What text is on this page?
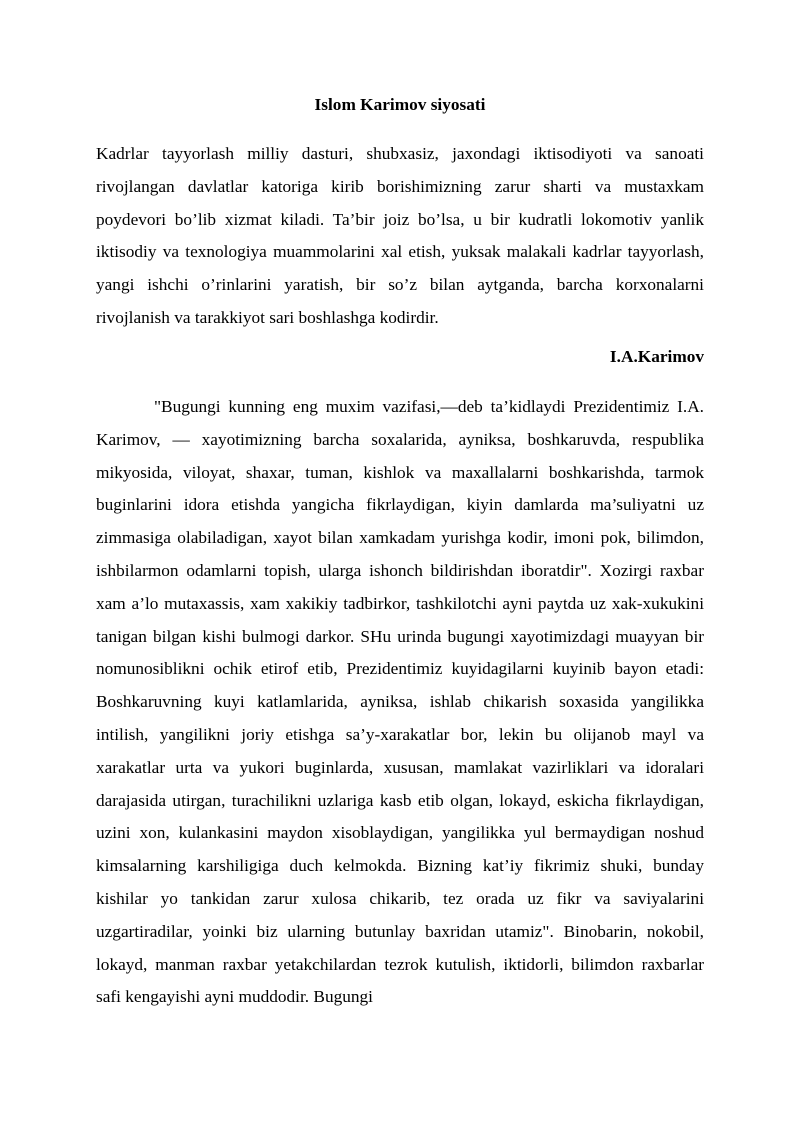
Islom Karimov siyosati

Kadrlar tayyorlash milliy dasturi, shubxasiz, jaxondagi iktisodiyoti va sanoati rivojlangan davlatlar katoriga kirib borishimizning zarur sharti va mustaxkam poydevori bo’lib xizmat kiladi. Ta’bir joiz bo’lsa, u bir kudratli lokomotiv yanlik iktisodiy va texnologiya muammolarini xal etish, yuksak malakali kadrlar tayyorlash, yangi ishchi o’rinlarini yaratish, bir so’z bilan aytganda, barcha korxonalarni rivojlanish va tarakkiyot sari boshlashga kodirdir.

I.A.Karimov

"Bugungi kunning eng muxim vazifasi,—deb ta’kidlaydi Prezidentimiz I.A. Karimov, — xayotimizning barcha soxalarida, ayniksa, boshkaruvda, respublika mikyosida, viloyat, shaxar, tuman, kishlok va maxallalarni boshkarishda, tarmok buginlarini idora etishda yangicha fikrlaydigan, kiyin damlarda ma’suliyatni uz zimmasiga olabiladigan, xayot bilan xamkadam yurishga kodir, imoni pok, bilimdon, ishbilarmon odamlarni topish, ularga ishonch bildirishdan iboratdir". Xozirgi raxbar xam a’lo mutaxassis, xam xakikiy tadbirkor, tashkilotchi ayni paytda uz xak-xukukini tanigan bilgan kishi bulmogi darkor. SHu urinda bugungi xayotimizdagi muayyan bir nomunosiblikni ochik etirof etib, Prezidentimiz kuyidagilarni kuyinib bayon etadi: Boshkaruvning kuyi katlamlarida, ayniksa, ishlab chikarish soxasida yangilikka intilish, yangilikni joriy etishga sa’y-xarakatlar bor, lekin bu olijanob mayl va xarakatlar urta va yukori buginlarda, xususan, mamlakat vazirliklari va idoralari darajasida utirgan, turachilikni uzlariga kasb etib olgan, lokayd, eskicha fikrlaydigan, uzini xon, kulankasini maydon xisoblaydigan, yangilikka yul bermaydigan noshud kimsalarning karshiligiga duch kelmokda. Bizning kat’iy fikrimiz shuki, bunday kishilar yo tankidan zarur xulosa chikarib, tez orada uz fikr va saviyalarini uzgartiradilar, yoinki biz ularning butunlay baxridan utamiz". Binobarin, nokobil, lokayd, manman raxbar yetakchilardan tezrok kutulish, iktidorli, bilimdon raxbarlar safi kengayishi ayni muddodir. Bugungi
